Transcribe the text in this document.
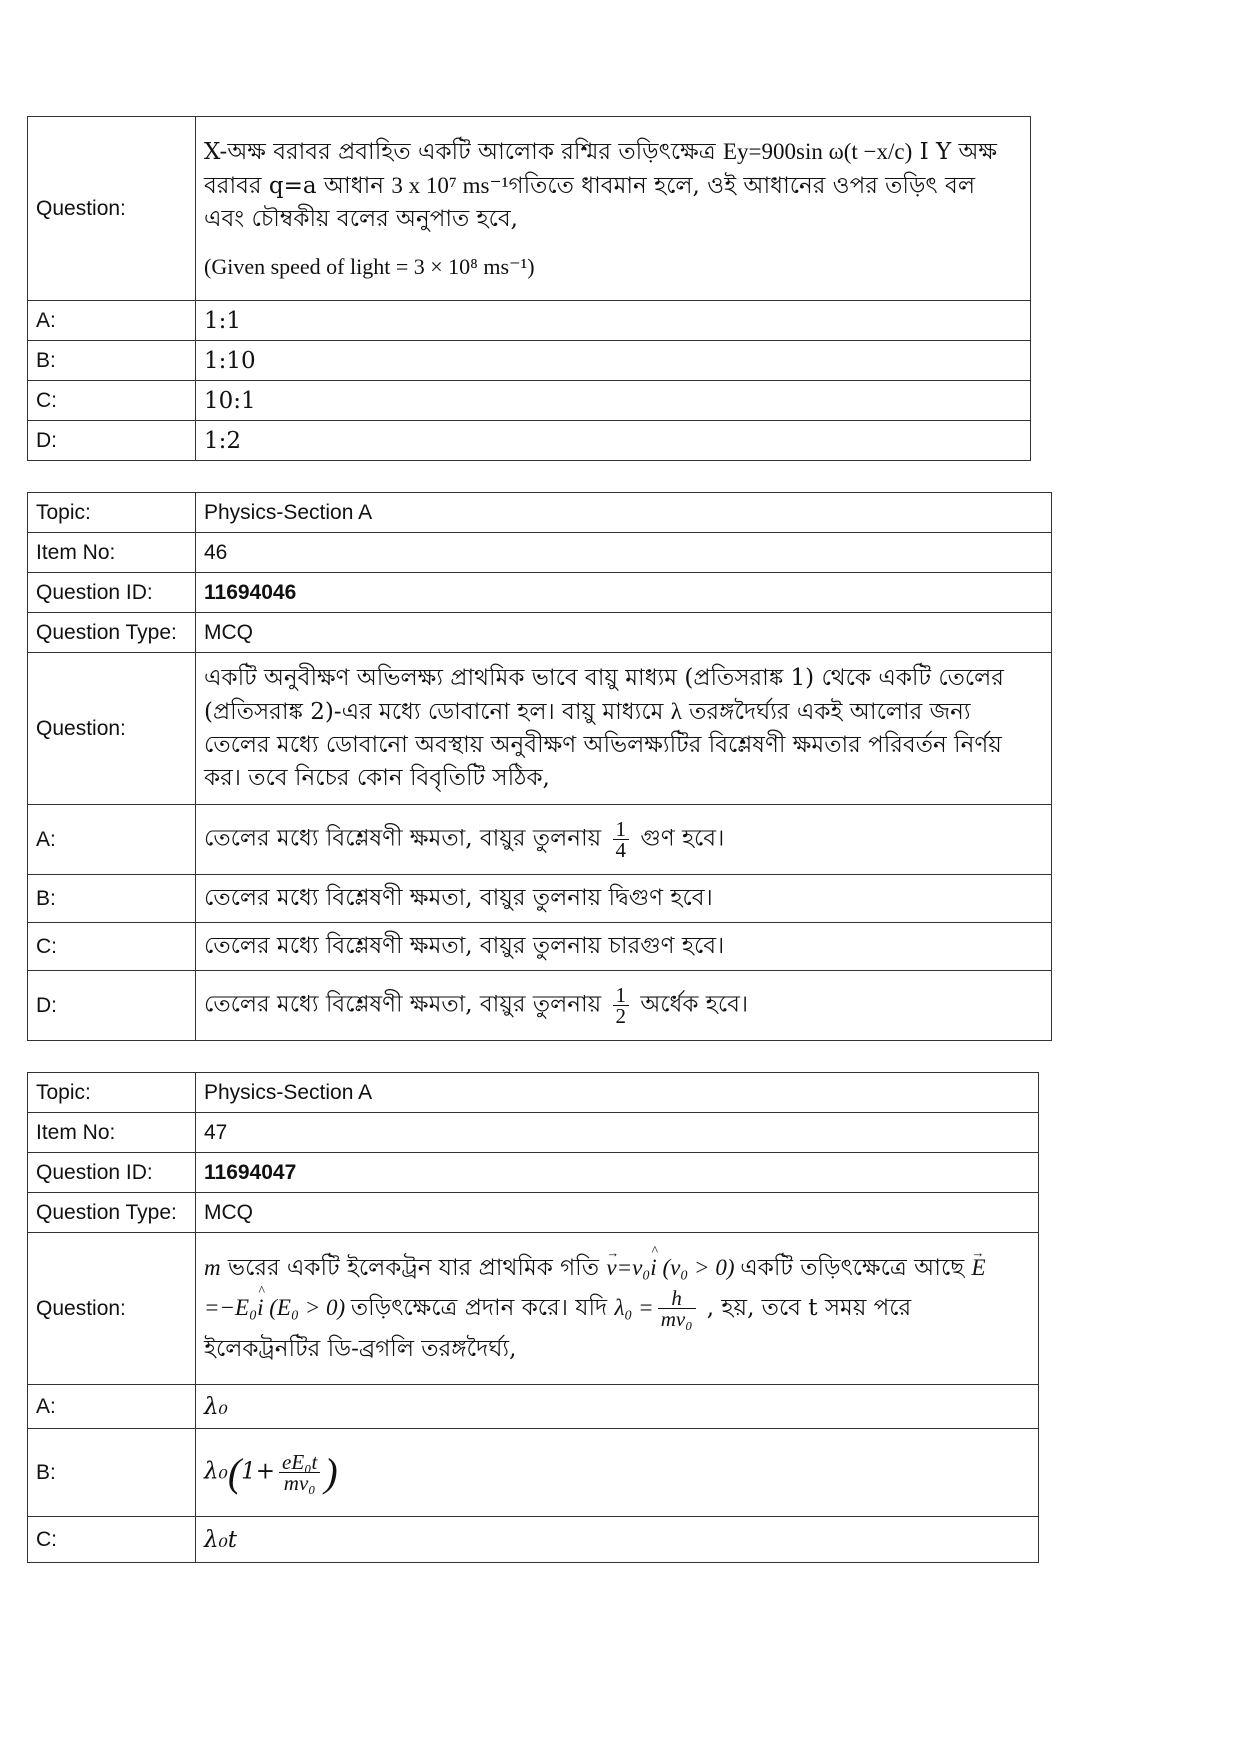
Question:	X-অক্ষ বরাবর প্রবাহিত একটি আলোক রশ্মির তড়িৎক্ষেত্র Ey=900sin ω(t −x/c) I Y অক্ষ বরাবর q=a আধান 3 x 10⁷ ms⁻¹গতিতে ধাবমান হলে, ওই আধানের ওপর তড়িৎ বল এবং চৌম্বকীয় বলের অনুপাত হবে,
(Given speed of light = 3 × 10⁸ ms⁻¹)

A:	1:1
B:	1:10
C:	10:1
D:	1:2
Topic:	Physics-Section A
Item No:	46
Question ID:	11694046
Question Type:	MCQ
Question:	একটি অনুবীক্ষণ অভিলক্ষ্য প্রাথমিক ভাবে বায়ু মাধ্যম (প্রতিসরাঙ্ক 1) থেকে একটি তেলের (প্রতিসরাঙ্ক 2)-এর মধ্যে ডোবানো হল। বায়ু মাধ্যমে λ তরঙ্গদৈর্ঘ্যর একই আলোর জন্য তেলের মধ্যে ডোবানো অবস্থায় অনুবীক্ষণ অভিলক্ষ্যটির বিশ্লেষণী ক্ষমতার পরিবর্তন নির্ণয় কর। তবে নিচের কোন বিবৃতিটি সঠিক,
A:	তেলের মধ্যে বিশ্লেষণী ক্ষমতা, বায়ুর তুলনায় $\frac{1}{4}$ গুণ হবে।
B:	তেলের মধ্যে বিশ্লেষণী ক্ষমতা, বায়ুর তুলনায় দ্বিগুণ হবে।
C:	তেলের মধ্যে বিশ্লেষণী ক্ষমতা, বায়ুর তুলনায় চারগুণ হবে।
D:	তেলের মধ্যে বিশ্লেষণী ক্ষমতা, বায়ুর তুলনায় $\frac{1}{2}$ অর্ধেক হবে।
Topic:	Physics-Section A
Item No:	47
Question ID:	11694047
Question Type:	MCQ
Question:	m ভরের একটি ইলেকট্রন যার প্রাথমিক গতি → v=v₀^ i (v₀ > 0) একটি তড়িৎক্ষেত্রে আছে → E=−E₀^ i (E₀ > 0) তড়িৎক্ষেত্রে প্রদান করে। যদি $\lambda_0 = \frac{h}{\text{mv₀}}$ , হয়, তবে t সময় পরে ইলেকট্রনটির ডি-ব্রগলি তরঙ্গদৈর্ঘ্য,
A:	λ₀
B:	$\lambda_0(1+ \frac{\text{eE₀t}}{\text{mv₀}}$ )
C:	λ₀t
